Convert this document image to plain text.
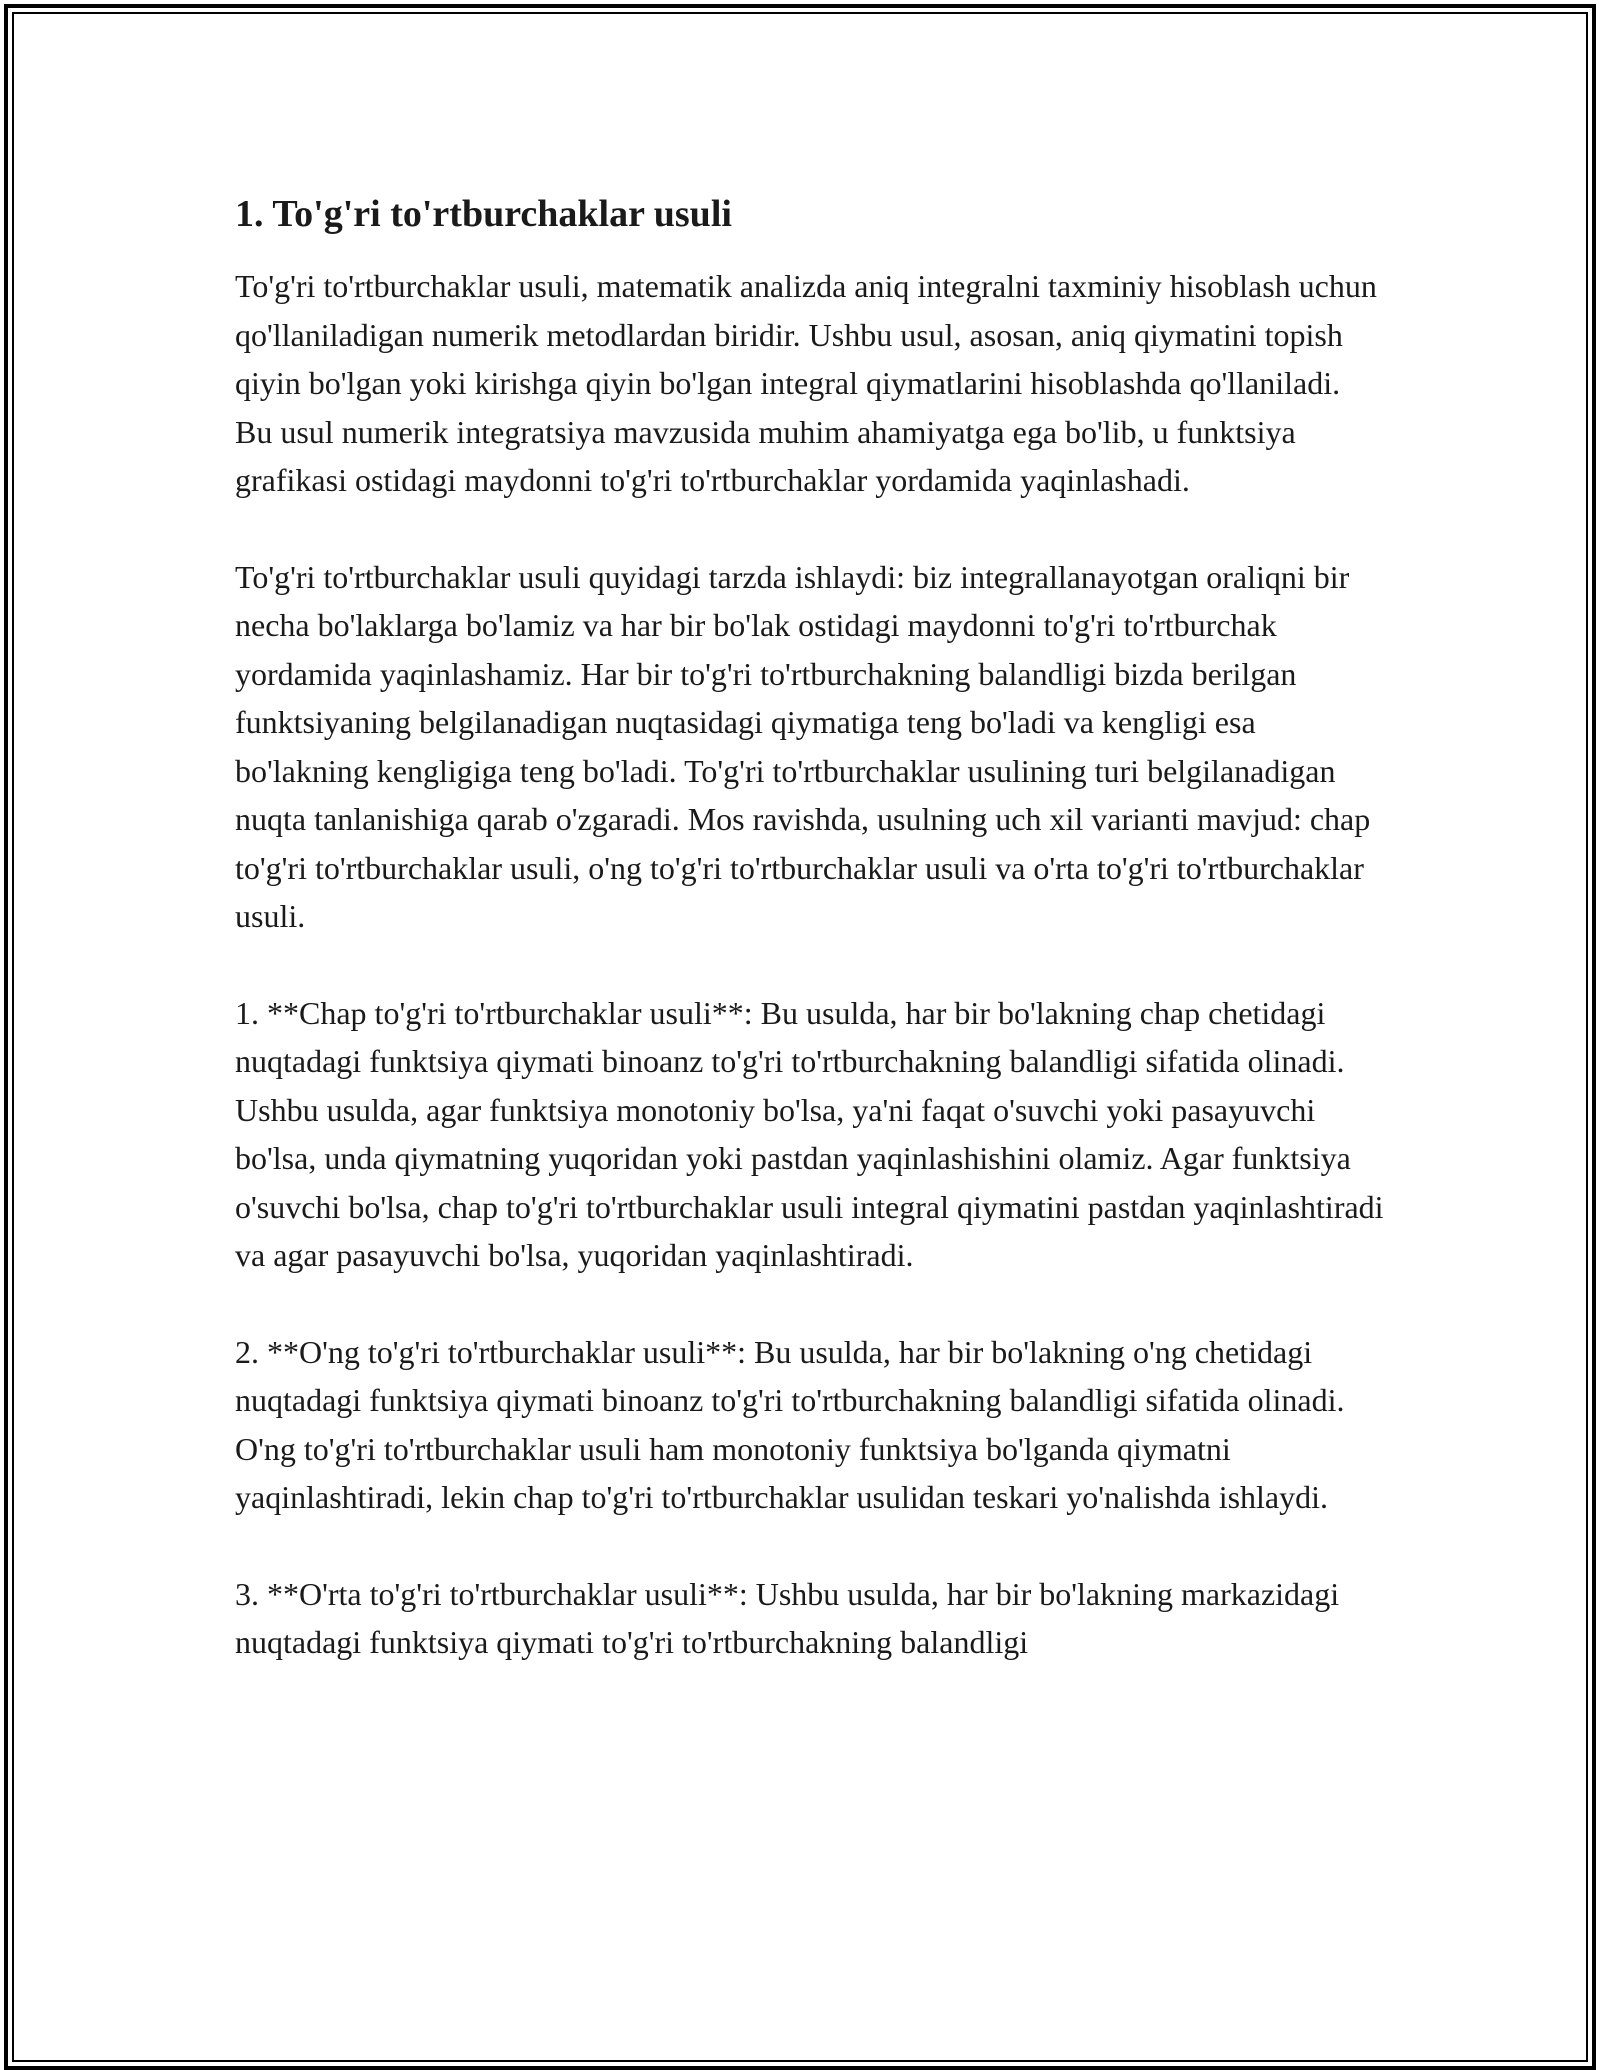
1. To'g'ri to'rtburchaklar usuli

To'g'ri to'rtburchaklar usuli, matematik analizda aniq integralni taxminiy hisoblash uchun qo'llaniladigan numerik metodlardan biridir. Ushbu usul, asosan, aniq qiymatini topish qiyin bo'lgan yoki kirishga qiyin bo'lgan integral qiymatlarini hisoblashda qo'llaniladi. Bu usul numerik integratsiya mavzusida muhim ahamiyatga ega bo'lib, u funktsiya grafikasi ostidagi maydonni to'g'ri to'rtburchaklar yordamida yaqinlashadi.

To'g'ri to'rtburchaklar usuli quyidagi tarzda ishlaydi: biz integrallanayotgan oraliqni bir necha bo'laklarga bo'lamiz va har bir bo'lak ostidagi maydonni to'g'ri to'rtburchak yordamida yaqinlashamiz. Har bir to'g'ri to'rtburchakning balandligi bizda berilgan funktsiyaning belgilanadigan nuqtasidagi qiymatiga teng bo'ladi va kengligi esa bo'lakning kengligiga teng bo'ladi. To'g'ri to'rtburchaklar usulining turi belgilanadigan nuqta tanlanishiga qarab o'zgaradi. Mos ravishda, usulning uch xil varianti mavjud: chap to'g'ri to'rtburchaklar usuli, o'ng to'g'ri to'rtburchaklar usuli va o'rta to'g'ri to'rtburchaklar usuli.

1. **Chap to'g'ri to'rtburchaklar usuli**: Bu usulda, har bir bo'lakning chap chetidagi nuqtadagi funktsiya qiymati binoanz to'g'ri to'rtburchakning balandligi sifatida olinadi. Ushbu usulda, agar funktsiya monotoniy bo'lsa, ya'ni faqat o'suvchi yoki pasayuvchi bo'lsa, unda qiymatning yuqoridan yoki pastdan yaqinlashishini olamiz. Agar funktsiya o'suvchi bo'lsa, chap to'g'ri to'rtburchaklar usuli integral qiymatini pastdan yaqinlashtiradi va agar pasayuvchi bo'lsa, yuqoridan yaqinlashtiradi.

2. **O'ng to'g'ri to'rtburchaklar usuli**: Bu usulda, har bir bo'lakning o'ng chetidagi nuqtadagi funktsiya qiymati binoanz to'g'ri to'rtburchakning balandligi sifatida olinadi. O'ng to'g'ri to'rtburchaklar usuli ham monotoniy funktsiya bo'lganda qiymatni yaqinlashtiradi, lekin chap to'g'ri to'rtburchaklar usulidan teskari yo'nalishda ishlaydi.

3. **O'rta to'g'ri to'rtburchaklar usuli**: Ushbu usulda, har bir bo'lakning markazidagi nuqtadagi funktsiya qiymati to'g'ri to'rtburchakning balandligi
